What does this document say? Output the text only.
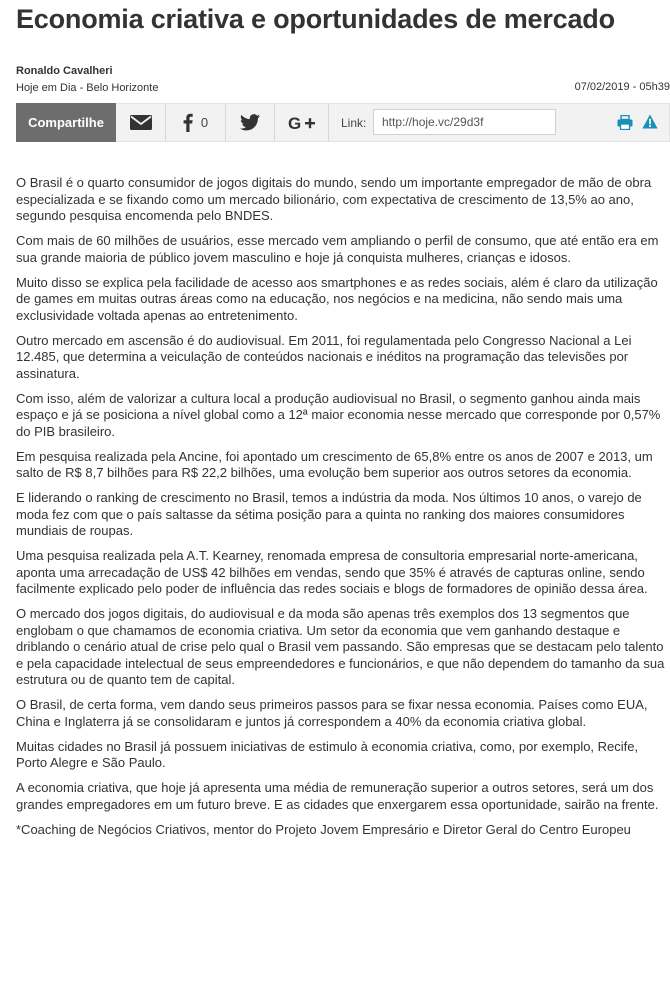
Economia criativa e oportunidades de mercado
Ronaldo Cavalheri
Hoje em Dia - Belo Horizonte	07/02/2019 - 05h39
Compartilhe	0	G	Link:
http://hoje.vc/29d3f

O Brasil é o quarto consumidor de jogos digitais do mundo, sendo um importante empregador de mão de obra especializada e se fixando como um mercado bilionário, com expectativa de crescimento de 13,5% ao ano, segundo pesquisa encomenda pelo BNDES.

Com mais de 60 milhões de usuários, esse mercado vem ampliando o perfil de consumo, que até então era em sua grande maioria de público jovem masculino e hoje já conquista mulheres, crianças e idosos.

Muito disso se explica pela facilidade de acesso aos smartphones e as redes sociais, além é claro da utilização de games em muitas outras áreas como na educação, nos negócios e na medicina, não sendo mais uma exclusividade voltada apenas ao entretenimento.

Outro mercado em ascensão é do audiovisual. Em 2011, foi regulamentada pelo Congresso Nacional a Lei 12.485, que determina a veiculação de conteúdos nacionais e inéditos na programação das televisões por assinatura.

Com isso, além de valorizar a cultura local a produção audiovisual no Brasil, o segmento ganhou ainda mais espaço e já se posiciona a nível global como a 12ª maior economia nesse mercado que corresponde por 0,57% do PIB brasileiro.

Em pesquisa realizada pela Ancine, foi apontado um crescimento de 65,8% entre os anos de 2007 e 2013, um salto de R$ 8,7 bilhões para R$ 22,2 bilhões, uma evolução bem superior aos outros setores da economia.

E liderando o ranking de crescimento no Brasil, temos a indústria da moda. Nos últimos 10 anos, o varejo de moda fez com que o país saltasse da sétima posição para a quinta no ranking dos maiores consumidores mundiais de roupas.

Uma pesquisa realizada pela A.T. Kearney, renomada empresa de consultoria empresarial norte-americana, aponta uma arrecadação de US$ 42 bilhões em vendas, sendo que 35% é através de capturas online, sendo facilmente explicado pelo poder de influência das redes sociais e blogs de formadores de opinião dessa área.

O mercado dos jogos digitais, do audiovisual e da moda são apenas três exemplos dos 13 segmentos que englobam o que chamamos de economia criativa. Um setor da economia que vem ganhando destaque e driblando o cenário atual de crise pelo qual o Brasil vem passando. São empresas que se destacam pelo talento e pela capacidade intelectual de seus empreendedores e funcionários, e que não dependem do tamanho da sua estrutura ou de quanto tem de capital.

O Brasil, de certa forma, vem dando seus primeiros passos para se fixar nessa economia. Países como EUA, China e Inglaterra já se consolidaram e juntos já correspondem a 40% da economia criativa global.

Muitas cidades no Brasil já possuem iniciativas de estimulo à economia criativa, como, por exemplo, Recife, Porto Alegre e São Paulo.

A economia criativa, que hoje já apresenta uma média de remuneração superior a outros setores, será um dos grandes empregadores em um futuro breve. E as cidades que enxergarem essa oportunidade, sairão na frente.

*Coaching de Negócios Criativos, mentor do Projeto Jovem Empresário e Diretor Geral do Centro Europeu
